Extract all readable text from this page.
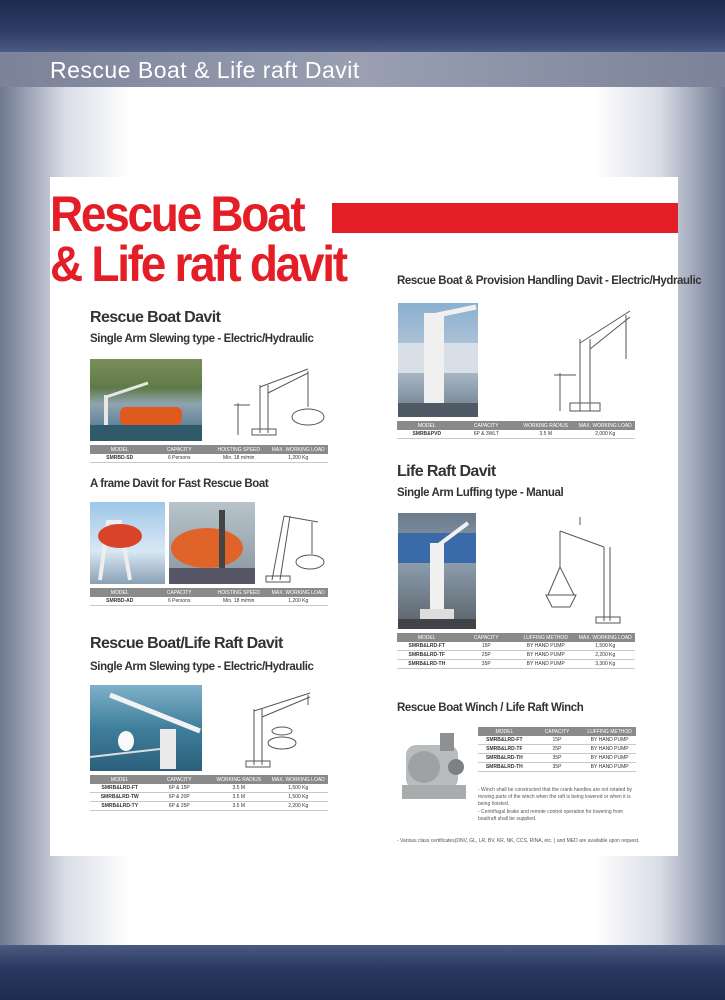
Rescue Boat & Life raft Davit
Rescue Boat
& Life raft davit
Rescue Boat Davit
Single Arm Slewing type - Electric/Hydraulic
MODEL	CAPACITY	HOISTING SPEED	MAX. WORKING LOAD
SMRBD-SD	6 Persons	Min. 18 m/min	1,200 Kg
A frame Davit for Fast Rescue Boat
MODEL	CAPACITY	HOISTING SPEED	MAX. WORKING LOAD
SMRBD-AD	6 Persons	Min. 18 m/min	1,200 Kg
Rescue Boat/Life Raft Davit
Single Arm Slewing type - Electric/Hydraulic
MODEL	CAPACITY	WORKING RADIUS	MAX. WORKING LOAD
SMRB&LRD-FT	6P & 15P	3.5 M	1,500 Kg
SMRB&LRD-TW	6P & 20P	3.5 M	1,500 Kg
SMRB&LRD-TY	6P & 25P	3.5 M	2,200 Kg
Rescue Boat & Provision Handling Davit - Electric/Hydraulic
MODEL	CAPACITY	WORKING RADIUS	MAX. WORKING LOAD
SMRB&PVD	6P & 3WLT	3.5 M	2,000 Kg
Life Raft Davit
Single Arm Luffing type - Manual
MODEL	CAPACITY	LUFFING METHOD	MAX. WORKING LOAD
SMRB&LRD-FT	15P	BY HAND PUMP	1,500 Kg
SMRB&LRD-TF	25P	BY HAND PUMP	2,200 Kg
SMRB&LRD-TH	35P	BY HAND PUMP	3,300 Kg
Rescue Boat Winch / Life Raft Winch
MODEL	CAPACITY	LUFFING METHOD
SMRB&LRD-FT	15P	BY HAND PUMP
SMRB&LRD-TF	25P	BY HAND PUMP
SMRB&LRD-TH	35P	BY HAND PUMP
SMRB&LRD-TH	35P	BY HAND PUMP
- Winch shall be constructed that the crank handles are not rotated by moving parts of the winch when the raft is being lowered or when it is being hoisted.
- Centrifugal brake and remote control operation for lowering from boat/raft shall be supplied.
- Various class certificates(DNV, GL, LR, BV, KR, NK, CCS, RINA, etc. ) and MED are available upon request.
